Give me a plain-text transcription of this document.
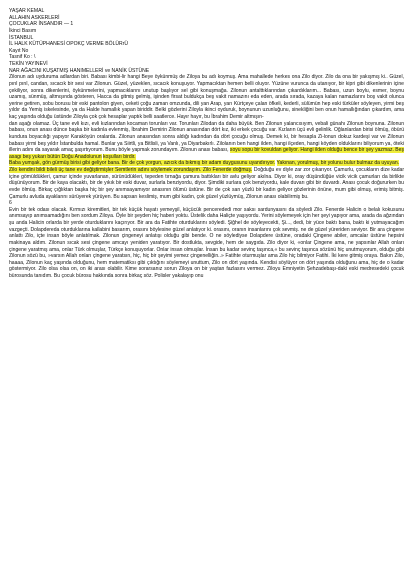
YAŞAR KEMAL
ALLAHIN ASKERLERİ
ÇOCUKLAR İNSANDIR — 1
İkinci Basım
İSTANBUL
İL HALK KÜTÜPHANESİ OPOKÇ VERME BÖLÜRrÜ
Kayıt No
Tasnif Ko : \
TEKİN YAYINEVİ
NAR AĞACINI KUŞATMIŞ HANIMELLERİ ve NANİK ÜSTÜNE

Zilonun adı uyduruma adlardan biri. Babası kimbi-lir hangi Beye öykünmüş de Ziloya bu adı koymuş. Ama mahallede herkes ona Zilo diyor. Zilo da ona bir yakışmış ki.. Güzel, pırıl pırıl, candan, sıcacık bir sesi var Zilonun. Güzel, yüzeklen, sıcacık konuşuyor. Yapmacıktan hemen belli oluyor. Yüzüne vurunca da utanıyor, bir kipri gibi dikenlerinin içine çekiliyor, sonra dikenlerini, öykünmelerini, yapmacıklarını unutup başlıyor sel gibi konuşmağa. Zilonun antalttıklarından çıkardıklarım... Babası, uzun boylu, esmer, boynu uzamış, sünmüş, altmışında gösteren, Hacca da gitmiş gelmiş, işinden firsat buldukça beş vakit namazını eda eden, arada sırada, kazaya kalan namazlarını boş vakit olunca yerine getiren, sobu borusu bir eski pantolon giyen, ceketi çoğu zaman omzunda, dili yan Arap, yarı Kürtçeye çalan öfkeli, kederli, sülümün hep eski türküler söyleyen, yirmi beş yıldır da Yemiş iskelesinde, ya da Halde hamallık yapan biriddir. Belki gözlerini Ziloyla ikinci oyduruk, boynunun uzunluğunu, sinekliğini ben onun hamallığından çıkardım, ama kaç yaşında olduğu üstünde Ziloyla çok çok hesaplar yaptık belli saatlerce. Hayır hayır, bu İbrahim Demir altmışın-

dan aşağı olamaz. Üç tane evli kızı, evli kızlarından kocaman torunları var. Torunları Zilodan da daha büyük. Ben Zilonun yalancısıyım, vebali günahı Zilonun boynuna. Zilonun babası, onun anası dünce başka bir kadınla evlenmiş, İbrahim Demirin Zilonun anasından dört kız, iki erkek çocuğu var. Kızların üçü evli gelinlik. Oğlanlardan birisi ölmüş, öbürü kundura boyacılığı yapıyor Karaköyün oralarda. Zilonun anasından sonra aldığı kadından da dört çocuğu olmuş. Demek ki, bir hesapla Zi-lonun dokuz kardeşi var ve Zilonun babası yirmi beş yıldır İstanbulda hamal. Bunlar ya Siirtli, ya Bitlisli, ya Vanlı, ya Diyarbakırlı. Zilolanın ben hangi ilden, hangi ilçeden, hangi köyden olduklarını biliyorum ya, öteki illerin adını da sayarak amaç şaşırtıyorum. Bunu böyle yapmak zorundayım. Zilonun anası babası, soyu sopu bir kovuldan geliyor. Hangi ilden olduğu bence bir şey yazmaz. Beş asagı beş yukarı bütün Doğu Anadolunun koşulları birdir.

Baba yumşak, gön gürmüş birisi gibi geliyor bana. Bir de çok yorgun, azıcık da bıkmış bir adam duygusunu uyandırıyor. Yakınan, yorulmuş, bir yolunu bulur bulmaz da uyuyan.

Zilo kendini bildi bileli üç tane ev değiştirmişler Semtlerin adını söylemek zorundayım. Zilo Fenerde doğmuş. Doğduğu ev diyle zar zor çıkarıyor. Çamurlu, çocukların dize kadar içine gömüldükleri, çamur içinde yuvarlanan, sürünüdükleri, tepeden tırnağa çamura battıkları bir avlu geliyor akılna. Diyor ki, oray düşündüğüe vicik vicik çamurları da birlikte düşünüyorum. Bir de kaya olacaktı, bir de yıkık bir eski duvar, surlarla benziyordu, diyor. Şimdiki surlara çok benziyordu, kale duvarı gibi bir duvardı. Anası çocuk doğururken bu evde ölmüş. Birkaç çığlıktan başka hiç bir şey anımsayamıyor anasının ölümü üstüne. Bir de çok sarı yüzlü bir kadın geliyor gözlerinin önüne, mum gibi olmuş, erimiş bitmiş. Çamurlu avluda ayaklarını sürüyerek yürüyen. Bu sapsarı keslimiş, mum gibi kadın, çok güzel yüzlüymüş, Zilonun anası olabilirmiş bu.

6

Evin bir tek odası olacak. Kırmızı kiremitleri, bir tek küçük hayatı yemeyşil, küçücük pencerededi mor saksı sardunyasını da söyledi Zilo. Fenerde Halicin o belalı kokusunu anımsayıp anımsamadığını ben sordum Ziloya. Öyle bir şeyden hiç haberi yoktu. Üstelik daha Haliçte yaşıyordu. Yerini söylemeyek için her şeyi yapıyor ama, arada da ağzından şu anda Halicin orlarda bir yerde oturduklarını kaçırıyor. Bir ara da Fatihte oturduklarını söyledi. Şiğhel de söyleyecekti, Şi..., dedi, bir yüce baktı bana, baktı ki yutmayacağım vazgeçti. Dolapdereda oturduklarına kallabini basarım, orasını böylesine güzel anlatıyor ki. orasını, oranın insanlarını çok sevmiş. ne de güzel yüreriden seviyor. Bir ara çingene anlattı Zilo, içte insan böyle anlatılmak. Zilonun çingeneyi anlatışı olduğu gibi bende. O ne söylediyse Dolapdere üstüne, oradaki Çingene abiler, amcalar üstüne hepsini makinaya aldım. Zilonun sıcak sesi çingene amcayı yeniden yaratıyor. Bir dostlukta, sevgide, hem de saygıda. Zilo diyor ki, «onlar Çingene ama, ne yapsınlar Allah onları çingene yaratmış ama, onlar Türk olmuşlar, Türkçe konuşuyorlar. Onlar insan olmuşlar. İnsan bu kadar sevinç taşınca,« bu sevinç taşınca sözünü hiç unutmuyorum, olduğu gibi Zilonun sözü bu, »varsın Allah onları çingene yaratsın, hiç, hiç bir şeyimi yemez çingenelliğin..» Fatihte oturmuşlar ama Zilo hiç bilmiyor Fatihi. İki kere gitmiş oraya. Bakın Zilo, haaaa, Zilonun kaç yaşında olduğunu, hem matematiksı gibi çıktığını söylemeyi unuttum, Zilo on dört yaşında. Kendisi söylüyor on dört yaşında olduğunu ama, hiç de o kadar göstermiyor. Zilo olsa olsa on, on iki arası olabilir. Kime sorarsanız sorun Ziloya on bir yaştan fazlasını vermez. Ziloyu Emniyetin Şehzadebaşı-daki eski medresedeki çocuk bürosunda tanıdım. Bu çocuk bürosu hakkında sonra birkaç söz. Polisler yakalayıp onu
